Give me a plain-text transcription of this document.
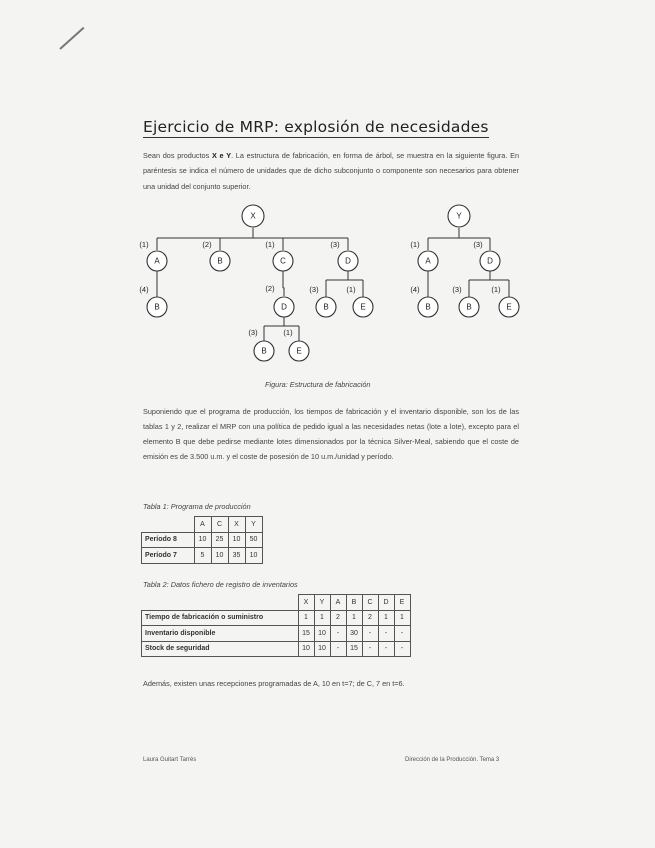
Ejercicio de MRP: explosión de necesidades
Sean dos productos X e Y. La estructura de fabricación, en forma de árbol, se muestra en la siguiente figura. En paréntesis se indica el número de unidades que de dicho subconjunto o componente son necesarios para obtener una unidad del conjunto superior.
X
A	B	C	D
B	D	B	E
B	E
(1)	(2)	(1)	(3)
(4)	(2)	(3)	(1)
(3)	(1)
Y
A	D
B	B	E
(1)	(3)
(4)	(3)	(1)
Figura: Estructura de fabricación
Suponiendo que el programa de producción, los tiempos de fabricación y el inventario disponible, son los de las tablas 1 y 2, realizar el MRP con una política de pedido igual a las necesidades netas (lote a lote), excepto para el elemento B que debe pedirse mediante lotes dimensionados por la técnica Silver-Meal, sabiendo que el coste de emisión es de 3.500 u.m. y el coste de posesión de 10 u.m./unidad y período.
Tabla 1: Programa de producción
	A	C	X	Y
Período 8	10	25	10	50
Período 7	5	10	35	10
Tabla 2: Datos fichero de registro de inventarios
	X	Y	A	B	C	D	E
Tiempo de fabricación o suministro	1	1	2	1	2	1	1
Inventario disponible	15	10	-	30	-	-	-
Stock de seguridad	10	10	-	15	-	-	-
Además, existen unas recepciones programadas de A, 10 en t=7; de C, 7 en t=6.
Laura Guitart Tarrés	Dirección de la Producción. Tema 3
